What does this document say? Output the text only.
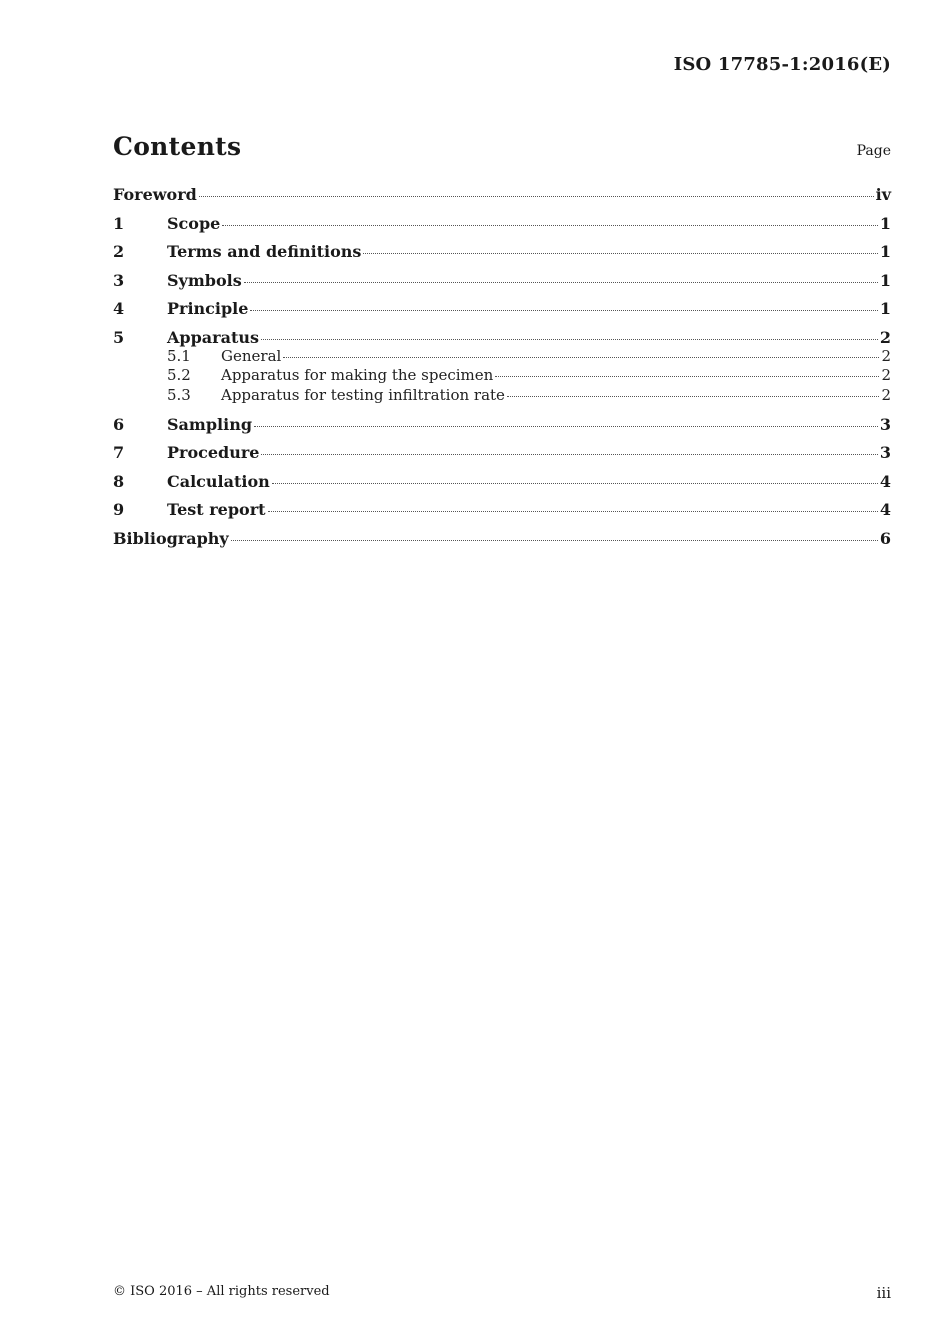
ISO 17785-1:2016(E)
Contents	Page
Foreword	iv
1	Scope	1
2	Terms and definitions	1
3	Symbols	1
4	Principle	1
5	Apparatus	2
5.1	General	2
5.2	Apparatus for making the specimen	2
5.3	Apparatus for testing infiltration rate	2
6	Sampling	3
7	Procedure	3
8	Calculation	4
9	Test report	4
Bibliography	6
© ISO 2016 – All rights reserved	iii
